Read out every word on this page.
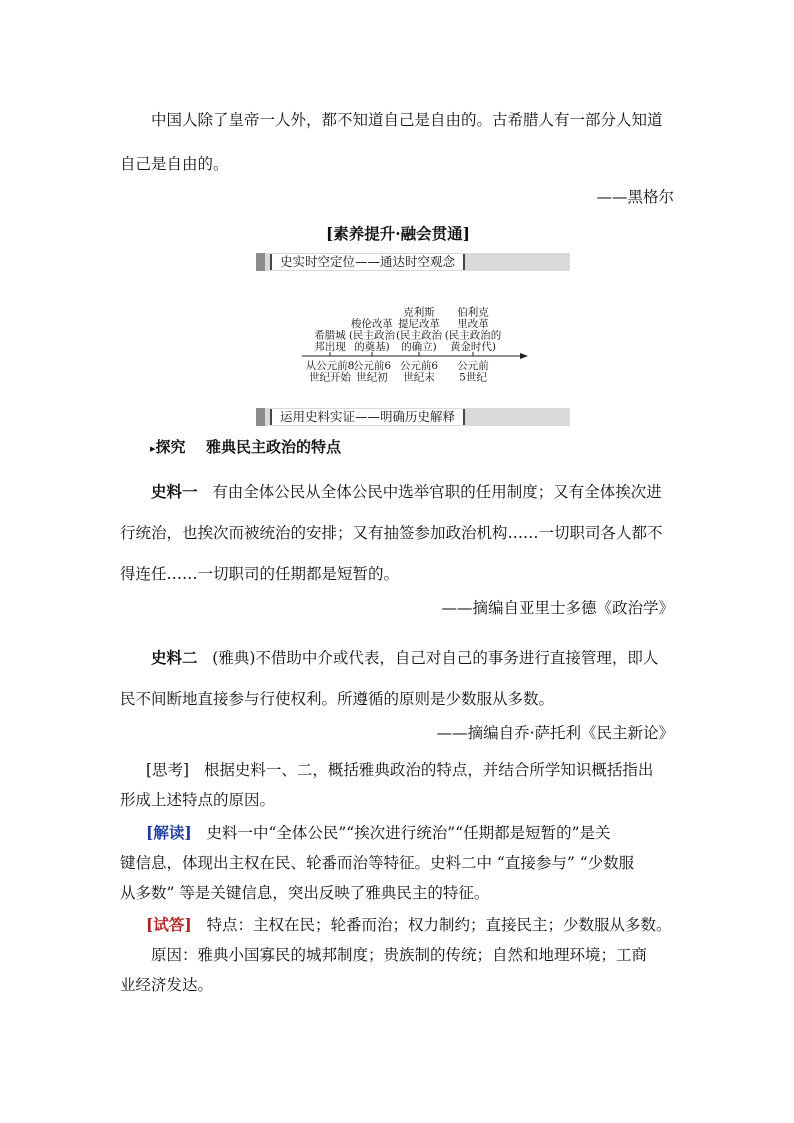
中国人除了皇帝一人外，都不知道自己是自由的。古希腊人有一部分人知道自己是自由的。
——黑格尔
[素养提升·融会贯通]
史实时空定位——通达时空观念
希腊城
邦出现
梭伦改革
(民主政治
的奠基)
克利斯
提尼改革
(民主政治
的确立)
伯利克
里改革
(民主政治的
黄金时代)
从公元前8
世纪开始
公元前6
世纪初
公元前6
世纪末
公元前
5世纪
运用史料实证——明确历史解释
▸探究 雅典民主政治的特点
史料一 有由全体公民从全体公民中选举官职的任用制度；又有全体挨次进
行统治，也挨次而被统治的安排；又有抽签参加政治机构……一切职司各人都不
得连任……一切职司的任期都是短暂的。
——摘编自亚里士多德《政治学》
史料二 (雅典)不借助中介或代表，自己对自己的事务进行直接管理，即人
民不间断地直接参与行使权利。所遵循的原则是少数服从多数。
——摘编自乔·萨托利《民主新论》
[思考] 根据史料一、二，概括雅典政治的特点，并结合所学知识概括指出
形成上述特点的原因。
[解读] 史料一中“全体公民”“挨次进行统治”“任期都是短暂的”是关
键信息，体现出主权在民、轮番而治等特征。史料二中 “直接参与” “少数服
从多数” 等是关键信息，突出反映了雅典民主的特征。
[试答] 特点：主权在民；轮番而治；权力制约；直接民主；少数服从多数。
原因：雅典小国寡民的城邦制度；贵族制的传统；自然和地理环境；工商
业经济发达。
